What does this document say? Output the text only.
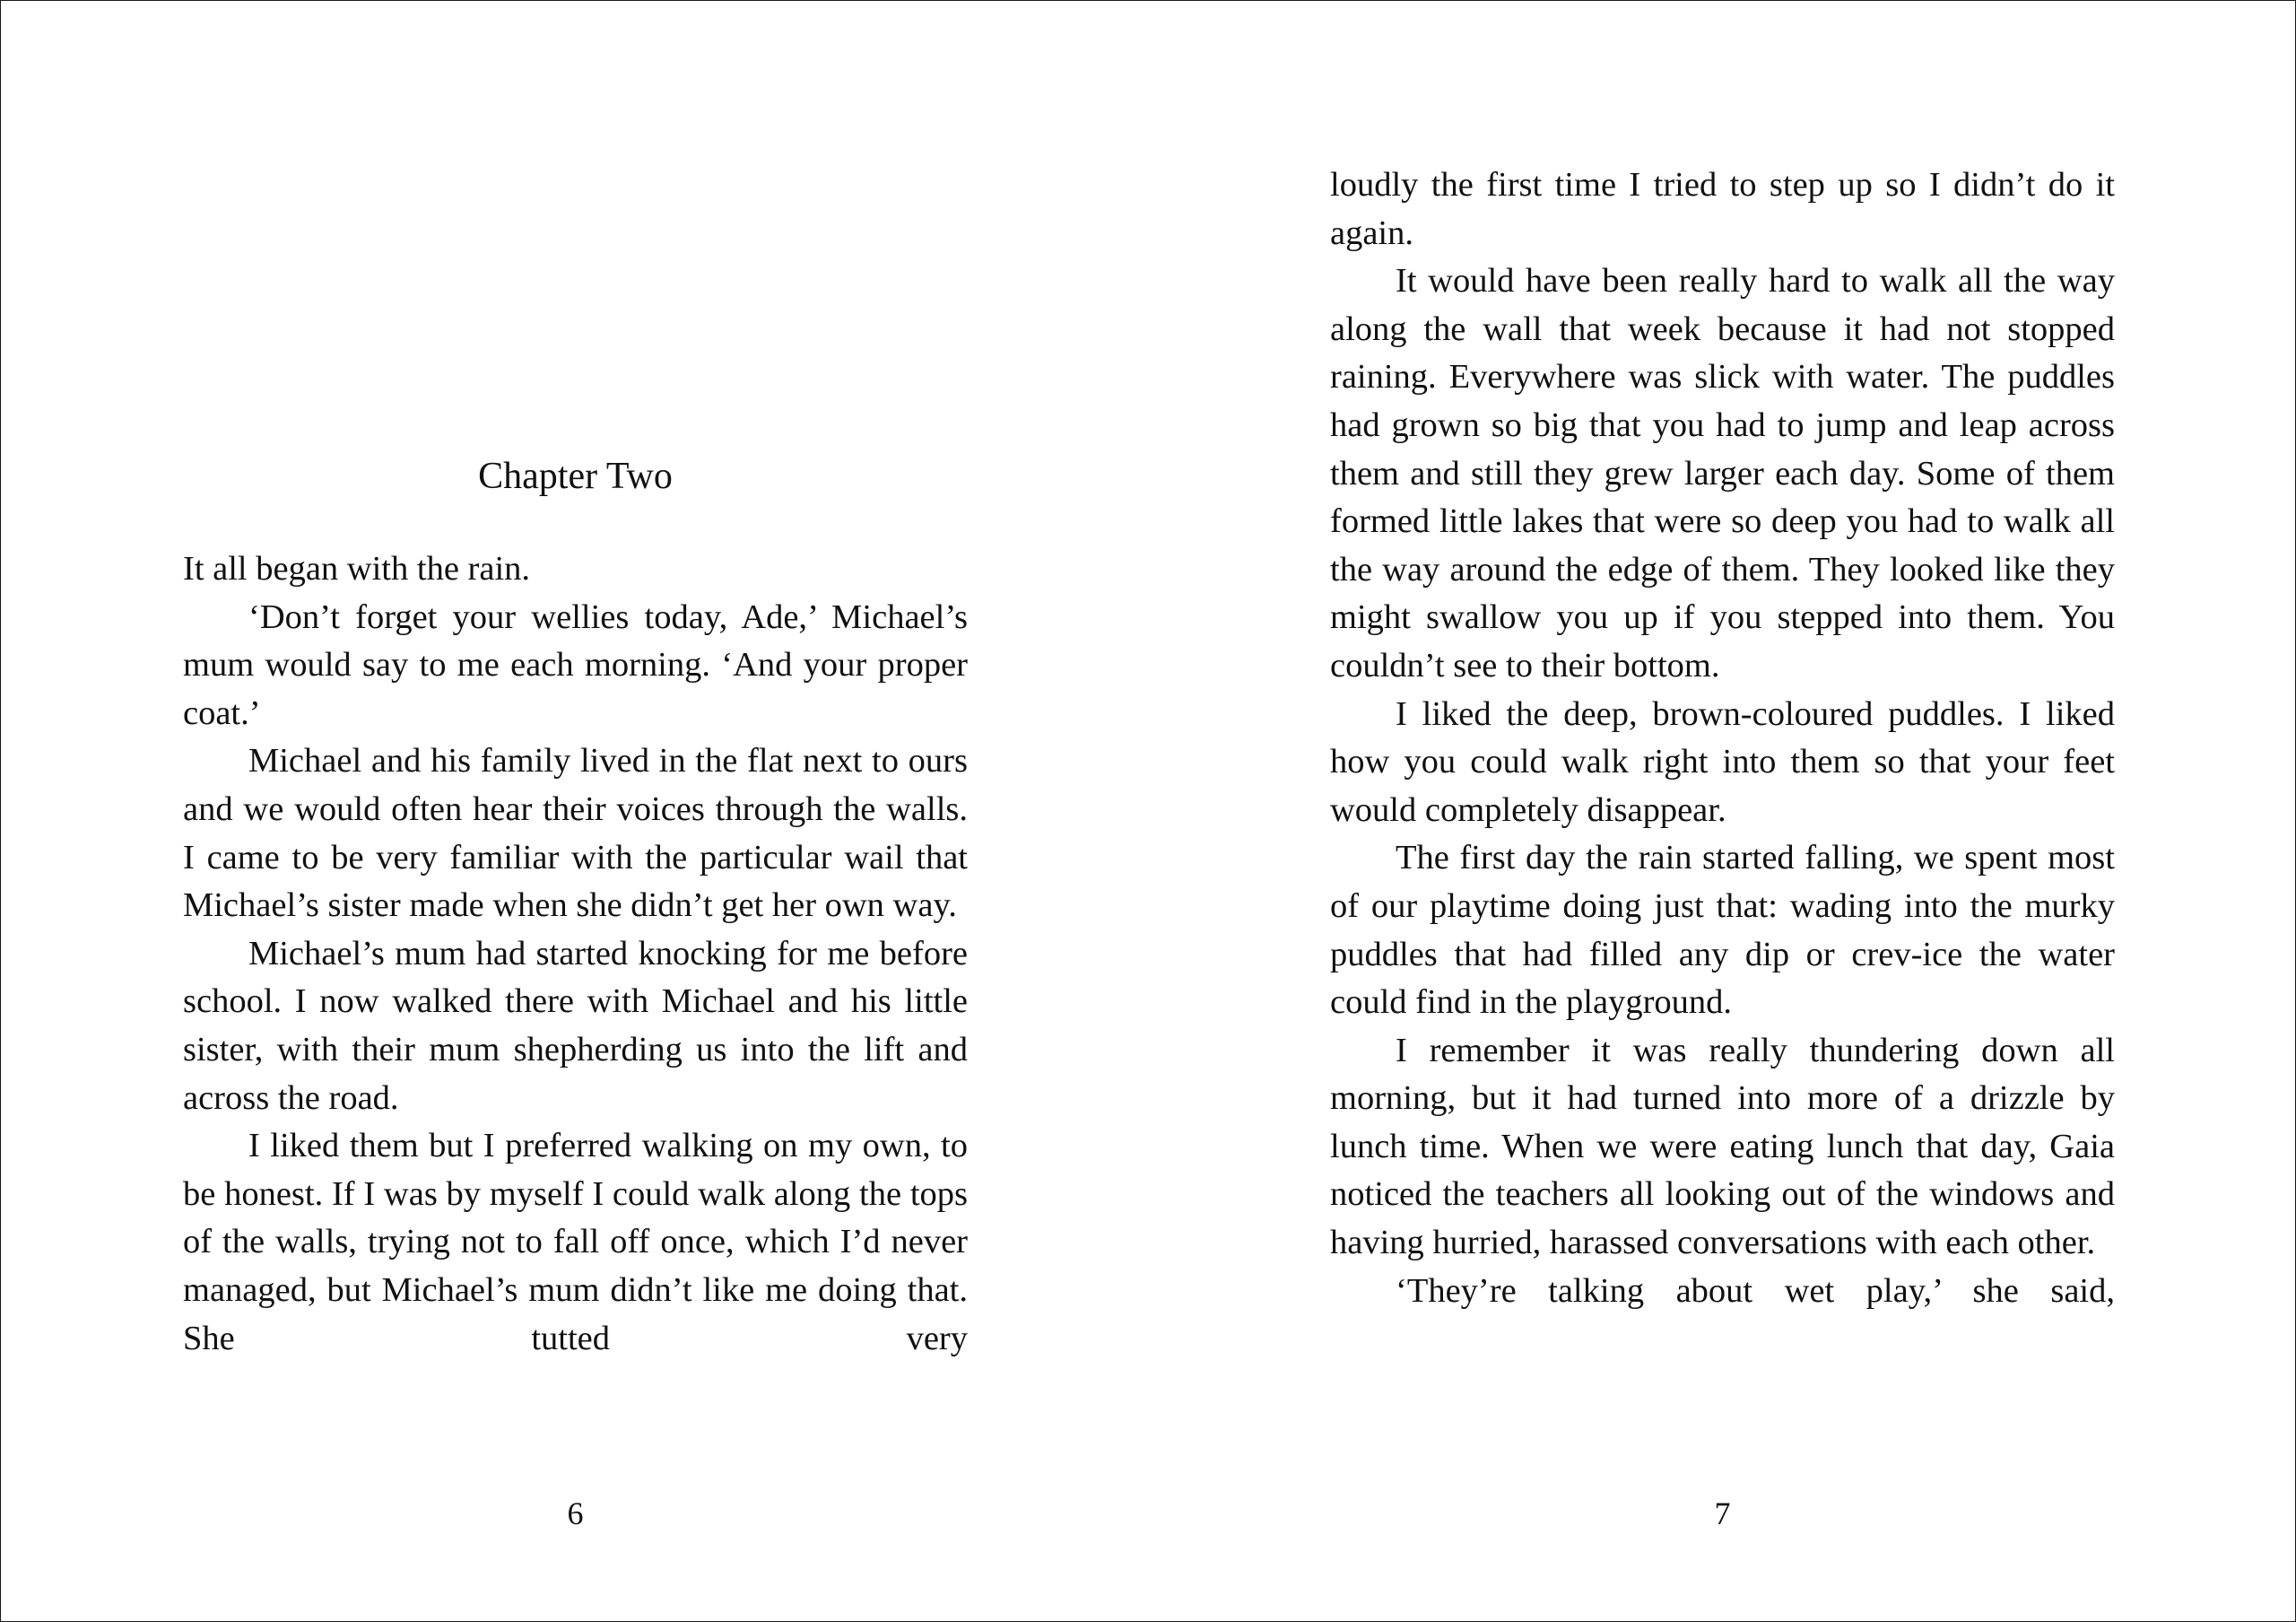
Chapter Two

It all began with the rain.

‘Don’t forget your wellies today, Ade,’ Michael’s mum would say to me each morning. ‘And your proper coat.’

Michael and his family lived in the flat next to ours and we would often hear their voices through the walls. I came to be very familiar with the particular wail that Michael’s sister made when she didn’t get her own way.

Michael’s mum had started knocking for me before school. I now walked there with Michael and his little sister, with their mum shepherding us into the lift and across the road.

I liked them but I preferred walking on my own, to be honest. If I was by myself I could walk along the tops of the walls, trying not to fall off once, which I’d never managed, but Michael’s mum didn’t like me doing that. She tutted very

6

loudly the first time I tried to step up so I didn’t do it again.

It would have been really hard to walk all the way along the wall that week because it had not stopped raining. Everywhere was slick with water. The puddles had grown so big that you had to jump and leap across them and still they grew larger each day. Some of them formed little lakes that were so deep you had to walk all the way around the edge of them. They looked like they might swallow you up if you stepped into them. You couldn’t see to their bottom.

I liked the deep, brown-coloured puddles. I liked how you could walk right into them so that your feet would completely disappear.

The first day the rain started falling, we spent most of our playtime doing just that: wading into the murky puddles that had filled any dip or crev-ice the water could find in the playground.

I remember it was really thundering down all morning, but it had turned into more of a drizzle by lunch time. When we were eating lunch that day, Gaia noticed the teachers all looking out of the windows and having hurried, harassed conversations with each other.

‘They’re talking about wet play,’ she said,

7
